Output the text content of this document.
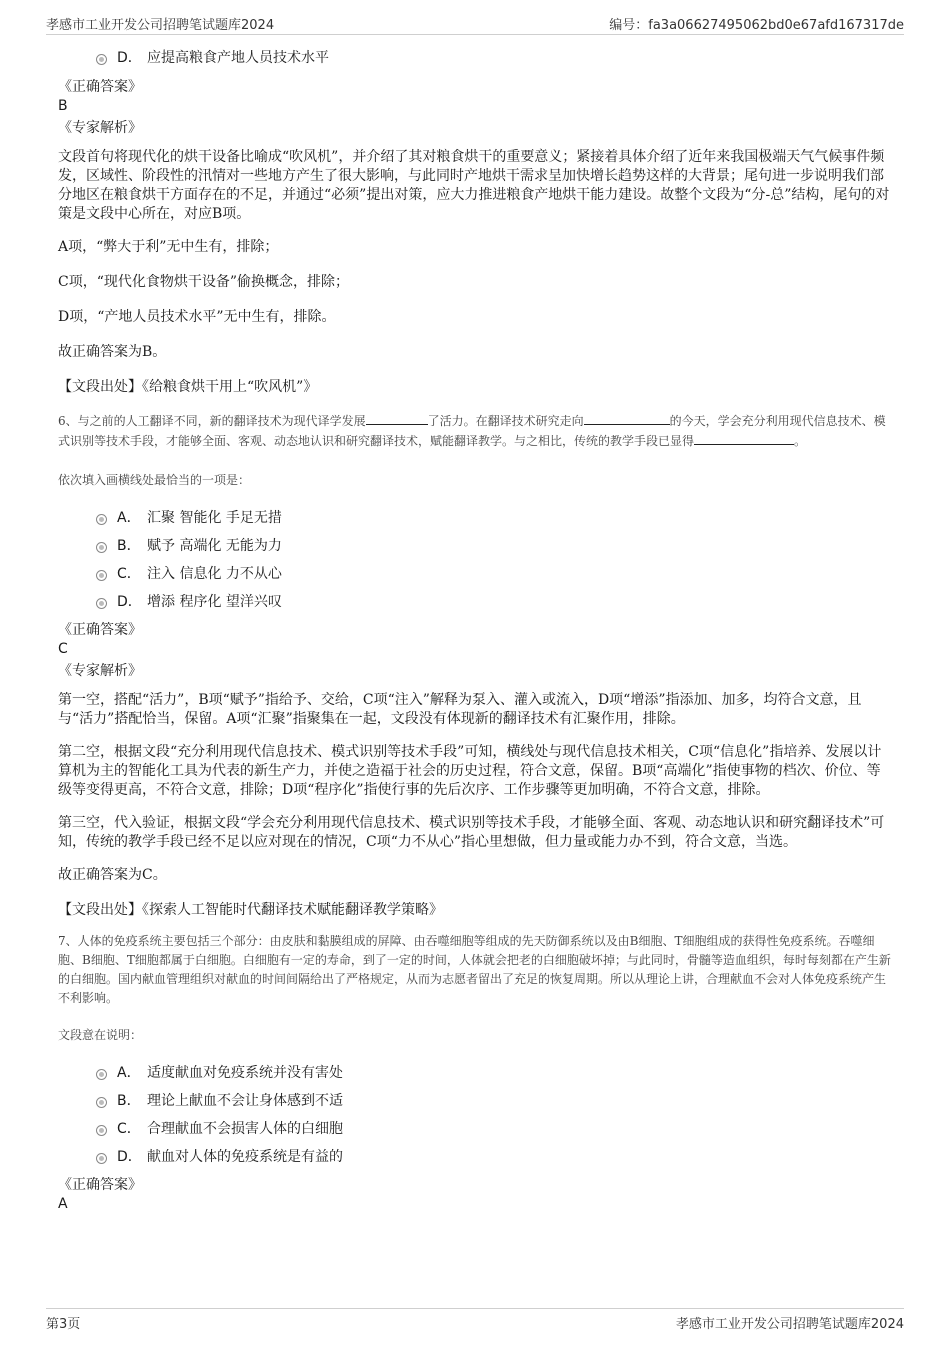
孝感市工业开发公司招聘笔试题库2024	编号：fa3a06627495062bd0e67afd167317de
D． 应提高粮食产地人员技术水平
《正确答案》
B
《专家解析》

文段首句将现代化的烘干设备比喻成“吹风机”，并介绍了其对粮食烘干的重要意义；紧接着具体介绍了近年来我国极端天气气候事件频发，区域性、阶段性的汛情对一些地方产生了很大影响，与此同时产地烘干需求呈加快增长趋势这样的大背景；尾句进一步说明我们部分地区在粮食烘干方面存在的不足，并通过“必须”提出对策，应大力推进粮食产地烘干能力建设。故整个文段为“分-总”结构，尾句的对策是文段中心所在，对应B项。

A项，“弊大于利”无中生有，排除；

C项，“现代化食物烘干设备”偷换概念，排除；

D项，“产地人员技术水平”无中生有，排除。

故正确答案为B。

【文段出处】《给粮食烘干用上“吹风机”》

6、与之前的人工翻译不同，新的翻译技术为现代译学发展	了活力。在翻译技术研究走向	的今天，学会充分利用现代信息技术、模式识别等技术手段，才能够全面、客观、动态地认识和研究翻译技术，赋能翻译教学。与之相比，传统的教学手段已显得	。

依次填入画横线处最恰当的一项是：
A． 汇聚 智能化 手足无措
B． 赋予 高端化 无能为力
C． 注入 信息化 力不从心
D． 增添 程序化 望洋兴叹
《正确答案》
C
《专家解析》

第一空，搭配“活力”，B项“赋予”指给予、交给，C项“注入”解释为泵入、灌入或流入，D项“增添”指添加、加多，均符合文意，且与“活力”搭配恰当，保留。A项“汇聚”指聚集在一起，文段没有体现新的翻译技术有汇聚作用，排除。

第二空，根据文段“充分利用现代信息技术、模式识别等技术手段”可知，横线处与现代信息技术相关，C项“信息化”指培养、发展以计算机为主的智能化工具为代表的新生产力，并使之造福于社会的历史过程，符合文意，保留。B项“高端化”指使事物的档次、价位、等级等变得更高，不符合文意，排除；D项“程序化”指使行事的先后次序、工作步骤等更加明确，不符合文意，排除。

第三空，代入验证，根据文段“学会充分利用现代信息技术、模式识别等技术手段，才能够全面、客观、动态地认识和研究翻译技术”可知，传统的教学手段已经不足以应对现在的情况，C项“力不从心”指心里想做，但力量或能力办不到，符合文意，当选。

故正确答案为C。

【文段出处】《探索人工智能时代翻译技术赋能翻译教学策略》

7、人体的免疫系统主要包括三个部分：由皮肤和黏膜组成的屏障、由吞噬细胞等组成的先天防御系统以及由B细胞、T细胞组成的获得性免疫系统。吞噬细胞、B细胞、T细胞都属于白细胞。白细胞有一定的寿命，到了一定的时间，人体就会把老的白细胞破坏掉；与此同时，骨髓等造血组织，每时每刻都在产生新的白细胞。国内献血管理组织对献血的时间间隔给出了严格规定，从而为志愿者留出了充足的恢复周期。所以从理论上讲，合理献血不会对人体免疫系统产生不利影响。

文段意在说明：
A． 适度献血对免疫系统并没有害处
B． 理论上献血不会让身体感到不适
C． 合理献血不会损害人体的白细胞
D． 献血对人体的免疫系统是有益的
《正确答案》
A
第3页	孝感市工业开发公司招聘笔试题库2024
